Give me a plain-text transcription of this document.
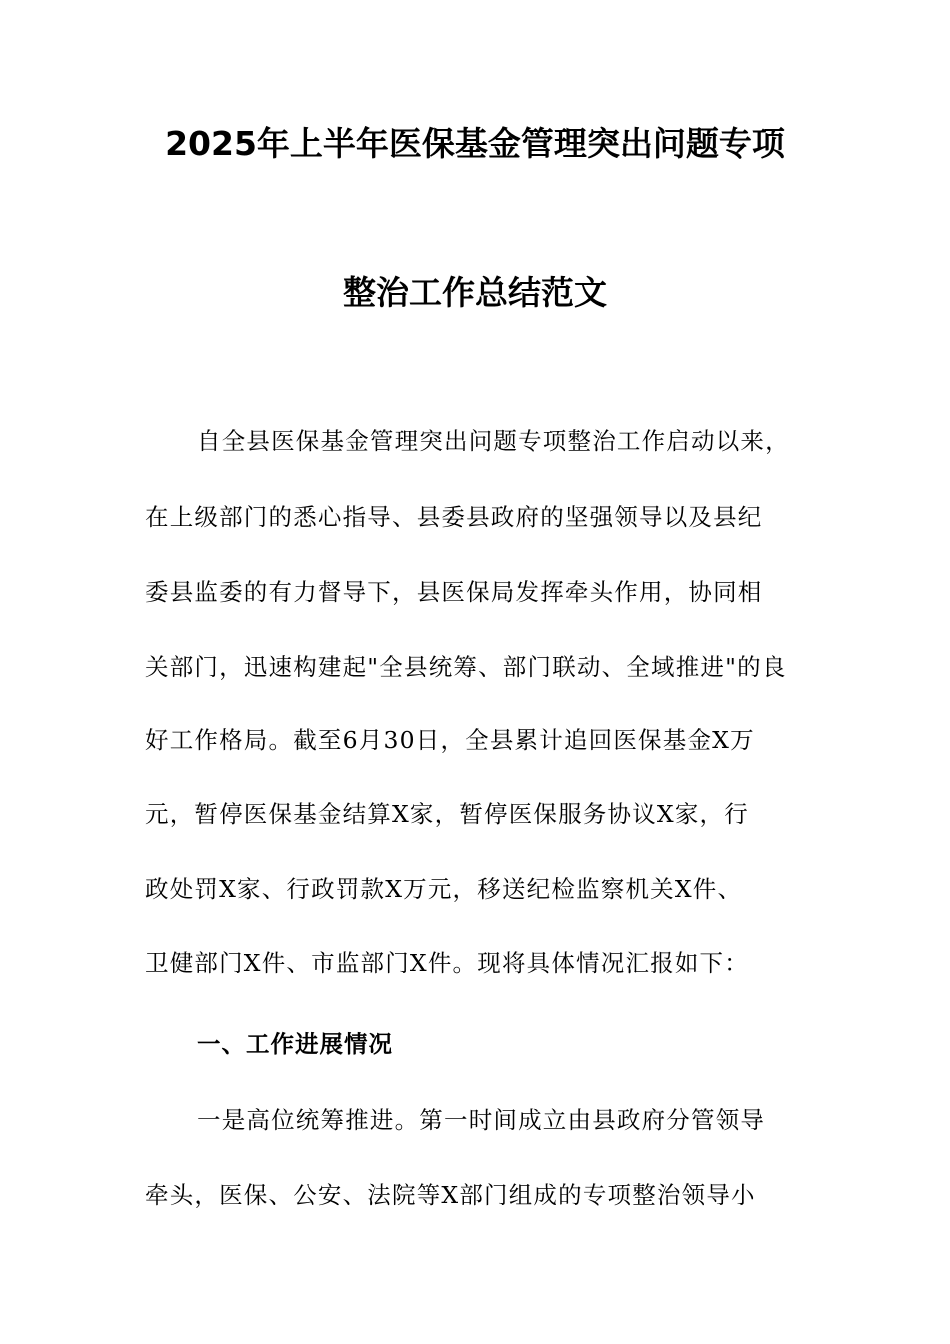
2025年上半年医保基金管理突出问题专项
整治工作总结范文
自全县医保基金管理突出问题专项整治工作启动以来，
在上级部门的悉心指导、县委县政府的坚强领导以及县纪
委县监委的有力督导下，县医保局发挥牵头作用，协同相
关部门，迅速构建起"全县统筹、部门联动、全域推进"的良
好工作格局。截至6月30日，全县累计追回医保基金X万
元，暂停医保基金结算X家，暂停医保服务协议X家，行
政处罚X家、行政罚款X万元，移送纪检监察机关X件、
卫健部门X件、市监部门X件。现将具体情况汇报如下：
一、工作进展情况
一是高位统筹推进。第一时间成立由县政府分管领导
牵头，医保、公安、法院等X部门组成的专项整治领导小
